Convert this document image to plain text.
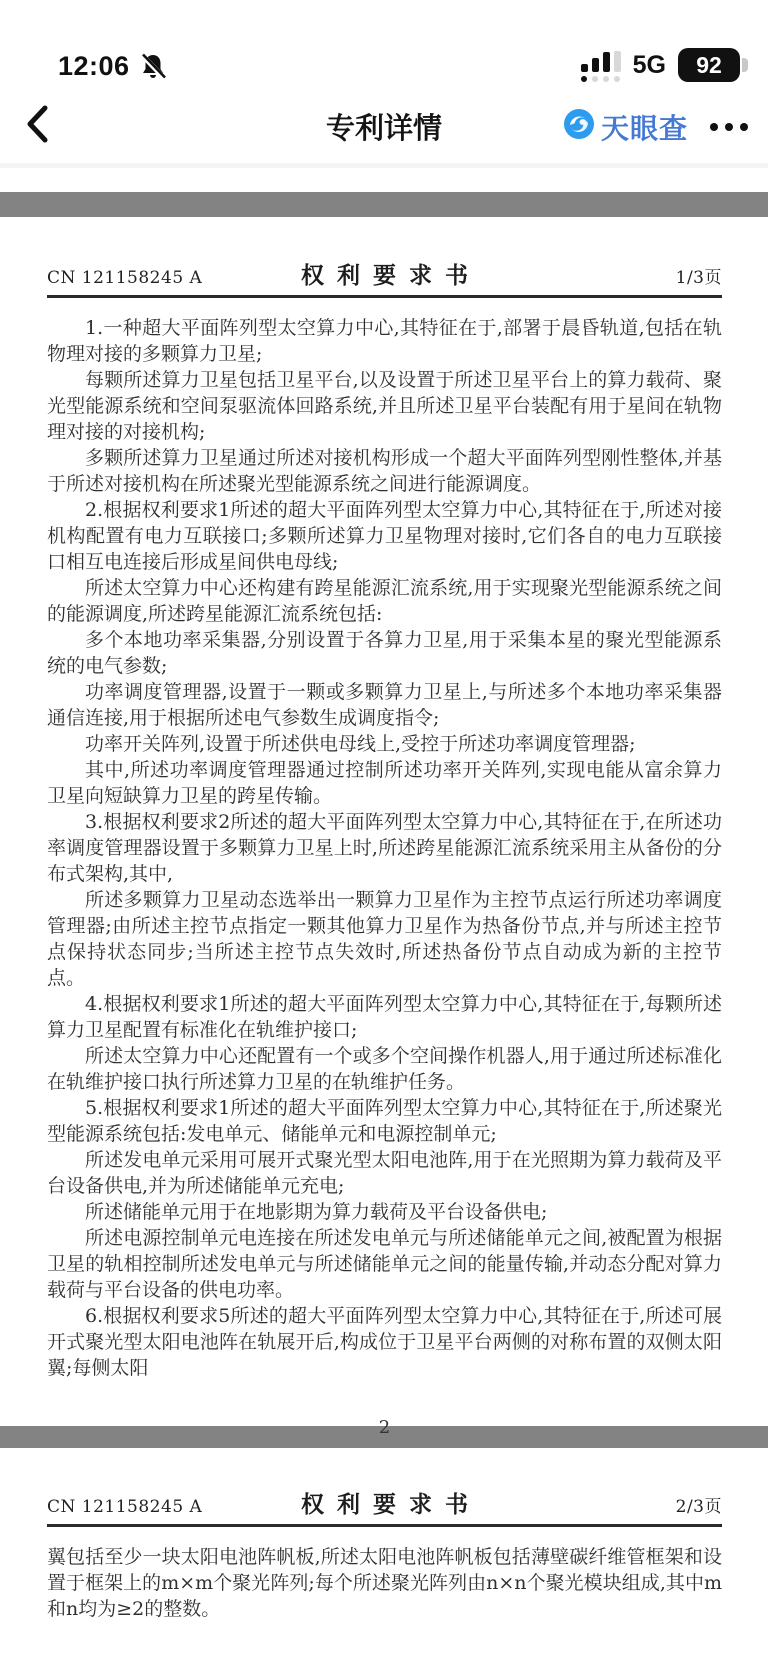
12:06	5G	92
专利详情	天眼查
CN 121158245 A	权利要求书	1/3页

1.一种超大平面阵列型太空算力中心,其特征在于,部署于晨昏轨道,包括在轨物理对接的多颗算力卫星;

每颗所述算力卫星包括卫星平台,以及设置于所述卫星平台上的算力载荷、聚光型能源系统和空间泵驱流体回路系统,并且所述卫星平台装配有用于星间在轨物理对接的对接机构;

多颗所述算力卫星通过所述对接机构形成一个超大平面阵列型刚性整体,并基于所述对接机构在所述聚光型能源系统之间进行能源调度。

2.根据权利要求1所述的超大平面阵列型太空算力中心,其特征在于,所述对接机构配置有电力互联接口;多颗所述算力卫星物理对接时,它们各自的电力互联接口相互电连接后形成星间供电母线;

所述太空算力中心还构建有跨星能源汇流系统,用于实现聚光型能源系统之间的能源调度,所述跨星能源汇流系统包括:

多个本地功率采集器,分别设置于各算力卫星,用于采集本星的聚光型能源系统的电气参数;

功率调度管理器,设置于一颗或多颗算力卫星上,与所述多个本地功率采集器通信连接,用于根据所述电气参数生成调度指令;

功率开关阵列,设置于所述供电母线上,受控于所述功率调度管理器;

其中,所述功率调度管理器通过控制所述功率开关阵列,实现电能从富余算力卫星向短缺算力卫星的跨星传输。

3.根据权利要求2所述的超大平面阵列型太空算力中心,其特征在于,在所述功率调度管理器设置于多颗算力卫星上时,所述跨星能源汇流系统采用主从备份的分布式架构,其中,

所述多颗算力卫星动态选举出一颗算力卫星作为主控节点运行所述功率调度管理器;由所述主控节点指定一颗其他算力卫星作为热备份节点,并与所述主控节点保持状态同步;当所述主控节点失效时,所述热备份节点自动成为新的主控节点。

4.根据权利要求1所述的超大平面阵列型太空算力中心,其特征在于,每颗所述算力卫星配置有标准化在轨维护接口;

所述太空算力中心还配置有一个或多个空间操作机器人,用于通过所述标准化在轨维护接口执行所述算力卫星的在轨维护任务。

5.根据权利要求1所述的超大平面阵列型太空算力中心,其特征在于,所述聚光型能源系统包括:发电单元、储能单元和电源控制单元;

所述发电单元采用可展开式聚光型太阳电池阵,用于在光照期为算力载荷及平台设备供电,并为所述储能单元充电;

所述储能单元用于在地影期为算力载荷及平台设备供电;

所述电源控制单元电连接在所述发电单元与所述储能单元之间,被配置为根据卫星的轨相控制所述发电单元与所述储能单元之间的能量传输,并动态分配对算力载荷与平台设备的供电功率。

6.根据权利要求5所述的超大平面阵列型太空算力中心,其特征在于,所述可展开式聚光型太阳电池阵在轨展开后,构成位于卫星平台两侧的对称布置的双侧太阳翼;每侧太阳

2
CN 121158245 A	权利要求书	2/3页

翼包括至少一块太阳电池阵帆板,所述太阳电池阵帆板包括薄壁碳纤维管框架和设置于框架上的m×m个聚光阵列;每个所述聚光阵列由n×n个聚光模块组成,其中m和n均为≥2的整数。
